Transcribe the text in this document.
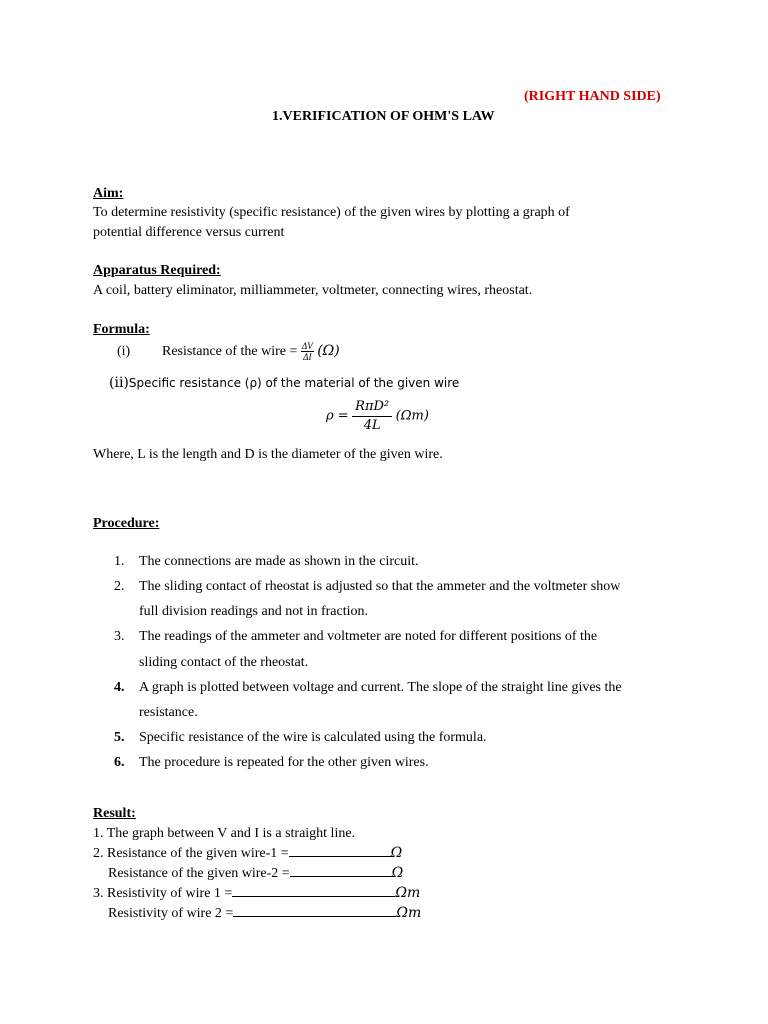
(RIGHT HAND SIDE)
1.VERIFICATION OF OHM'S LAW
Aim:
To determine resistivity (specific resistance) of the given wires by plotting a graph of
potential difference versus current
Apparatus Required:
A coil, battery eliminator, milliammeter, voltmeter, connecting wires, rheostat.
Formula:
(i) Resistance of the wire = $\frac{\Delta V}{\Delta I} (\Omega)$
(ii)Specific resistance (ρ) of the material of the given wire
$\rho = \frac{\text{RπD²}}{4L} (\Omega m)$
Where, L is the length and D is the diameter of the given wire.
Procedure:
1. The connections are made as shown in the circuit.
2. The sliding contact of rheostat is adjusted so that the ammeter and the voltmeter show
full division readings and not in fraction.
3. The readings of the ammeter and voltmeter are noted for different positions of the
sliding contact of the rheostat.
4. A graph is plotted between voltage and current. The slope of the straight line gives the
resistance.
5. Specific resistance of the wire is calculated using the formula.
6. The procedure is repeated for the other given wires.
Result:
1. The graph between V and I is a straight line.
2. Resistance of the given wire-1 =	Ω
Resistance of the given wire-2 =	Ω
3. Resistivity of wire 1 =	Ωm
Resistivity of wire 2 =	Ωm
